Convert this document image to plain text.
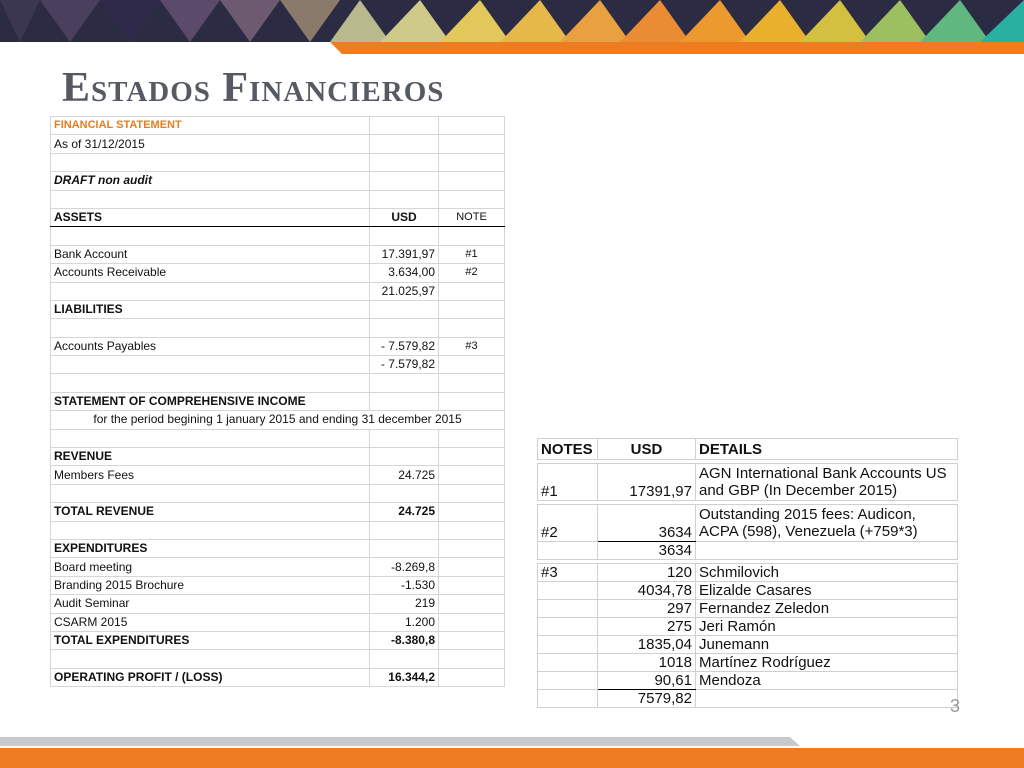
Estados Financieros
FINANCIAL STATEMENT		
As of 31/12/2015		

DRAFT non audit		

ASSETS	USD	NOTE

Bank Account	17.391,97	#1
Accounts Receivable	3.634,00	#2
	21.025,97	
LIABILITIES		

Accounts Payables	- 7.579,82	#3
	- 7.579,82	

STATEMENT OF COMPREHENSIVE INCOME		
for the period begining 1 january 2015 and ending 31 december 2015		

REVENUE		
Members Fees	24.725	

TOTAL REVENUE	24.725	

EXPENDITURES		
Board meeting	-8.269,8	
Branding 2015 Brochure	-1.530	
Audit Seminar	219	
CSARM 2015	1.200	
TOTAL EXPENDITURES	-8.380,8	

OPERATING PROFIT / (LOSS)	16.344,2	
NOTES	USD	DETAILS

#1	17391,97	AGN International Bank Accounts US and GBP (In December 2015)

#2	3634	Outstanding 2015 fees: Audicon, ACPA (598), Venezuela (+759*3)
	3634	

#3	120	Schmilovich
	4034,78	Elizalde Casares
	297	Fernandez Zeledon
	275	Jeri Ramón
	1835,04	Junemann
	1018	Martínez Rodríguez
	90,61	Mendoza
	7579,82		3
